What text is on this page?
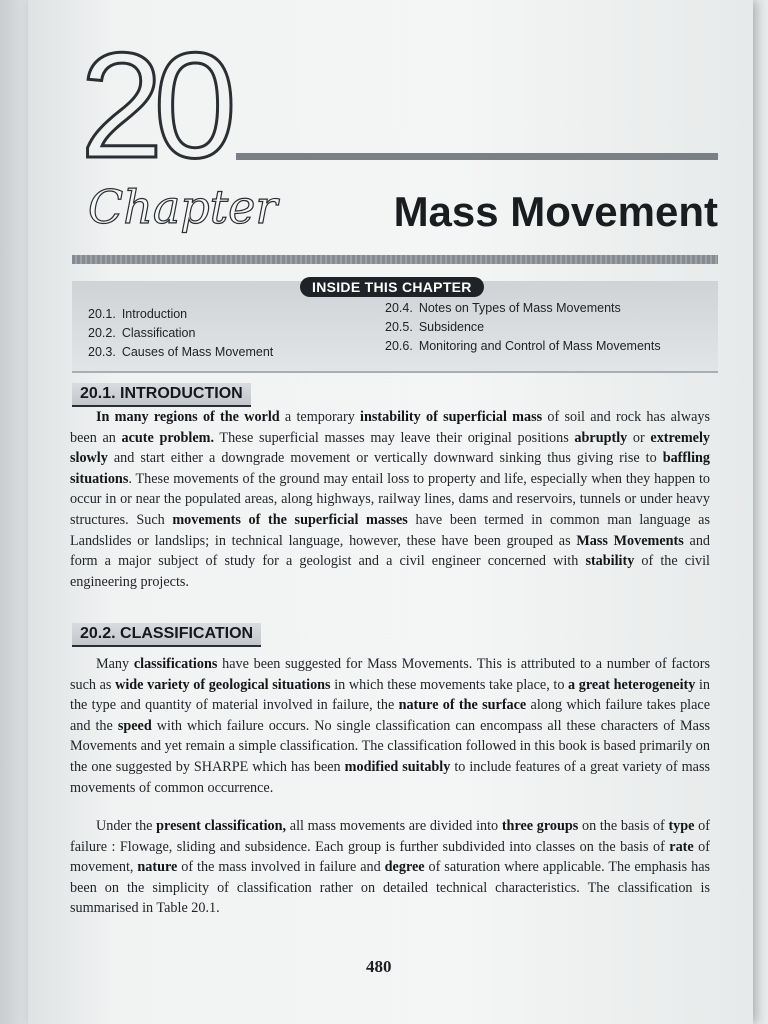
20
Chapter	Mass Movement
INSIDE THIS CHAPTER
20.1. Introduction
20.2. Classification
20.3. Causes of Mass Movement
20.4. Notes on Types of Mass Movements
20.5. Subsidence
20.6. Monitoring and Control of Mass Movements
20.1. INTRODUCTION
In many regions of the world a temporary instability of superficial mass of soil and rock has always been an acute problem. These superficial masses may leave their original positions abruptly or extremely slowly and start either a downgrade movement or vertically downward sinking thus giving rise to baffling situations. These movements of the ground may entail loss to property and life, especially when they happen to occur in or near the populated areas, along highways, railway lines, dams and reservoirs, tunnels or under heavy structures. Such movements of the superficial masses have been termed in common man language as Landslides or landslips; in technical language, however, these have been grouped as Mass Movements and form a major subject of study for a geologist and a civil engineer concerned with stability of the civil engineering projects.
20.2. CLASSIFICATION
Many classifications have been suggested for Mass Movements. This is attributed to a number of factors such as wide variety of geological situations in which these movements take place, to a great heterogeneity in the type and quantity of material involved in failure, the nature of the surface along which failure takes place and the speed with which failure occurs. No single classification can encompass all these characters of Mass Movements and yet remain a simple classification. The classification followed in this book is based primarily on the one suggested by SHARPE which has been modified suitably to include features of a great variety of mass movements of common occurrence.
Under the present classification, all mass movements are divided into three groups on the basis of type of failure : Flowage, sliding and subsidence. Each group is further subdivided into classes on the basis of rate of movement, nature of the mass involved in failure and degree of saturation where applicable. The emphasis has been on the simplicity of classification rather on detailed technical characteristics. The classification is summarised in Table 20.1.
480
